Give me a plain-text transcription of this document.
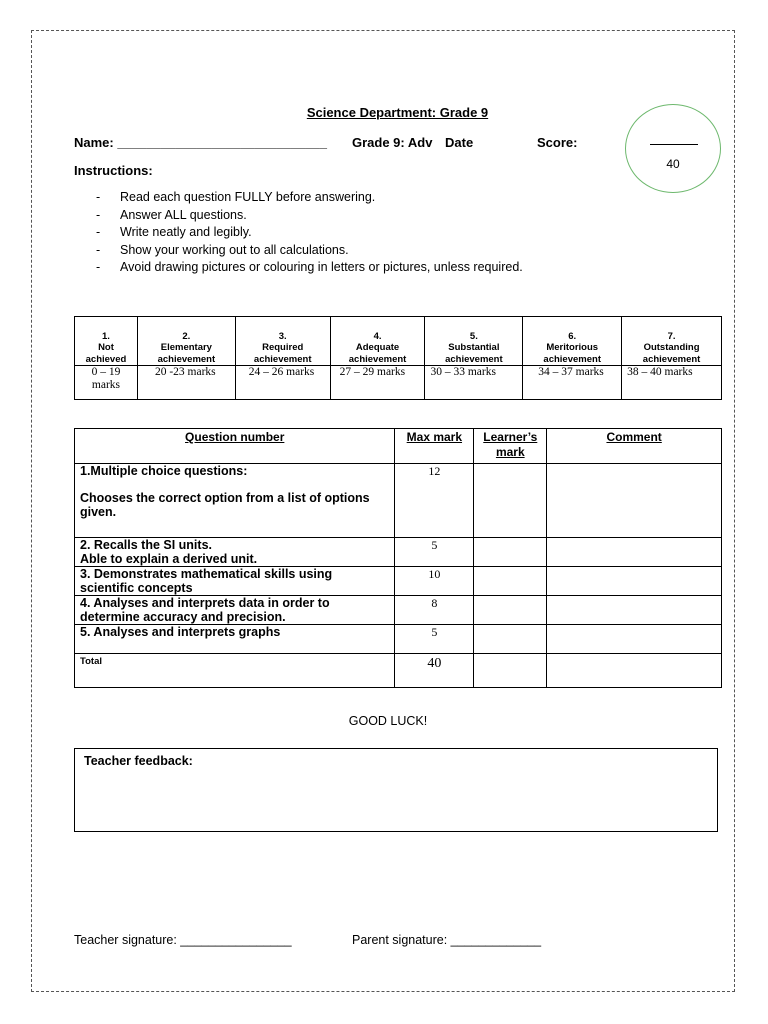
Science Department: Grade 9
Name: _____________________________ Grade 9: Adv Date	Score:
40
Instructions:
- Read each question FULLY before answering.
- Answer ALL questions.
- Write neatly and legibly.
- Show your working out to all calculations.
- Avoid drawing pictures or colouring in letters or pictures, unless required.
1.
Not
achieved	2.
Elementary
achievement	3.
Required
achievement	4.
Adequate
achievement	5.
Substantial
achievement	6.
Meritorious
achievement	7.
Outstanding
achievement
0 – 19 marks	20 -23 marks	24 – 26 marks	27 – 29 marks	30 – 33 marks	34 – 37 marks	38 – 40 marks
Question number	Max mark	Learner’s mark	Comment

1.Multiple choice questions:
Chooses the correct option from a list of options given.	12		

2. Recalls the SI units.
Able to explain a derived unit.	5		
3. Demonstrates mathematical skills using scientific concepts	10		
4. Analyses and interprets data in order to determine accuracy and precision.	8		
5. Analyses and interprets graphs	5		
Total	40		
GOOD LUCK!
Teacher feedback:
Teacher signature: ________________	Parent signature: _____________
